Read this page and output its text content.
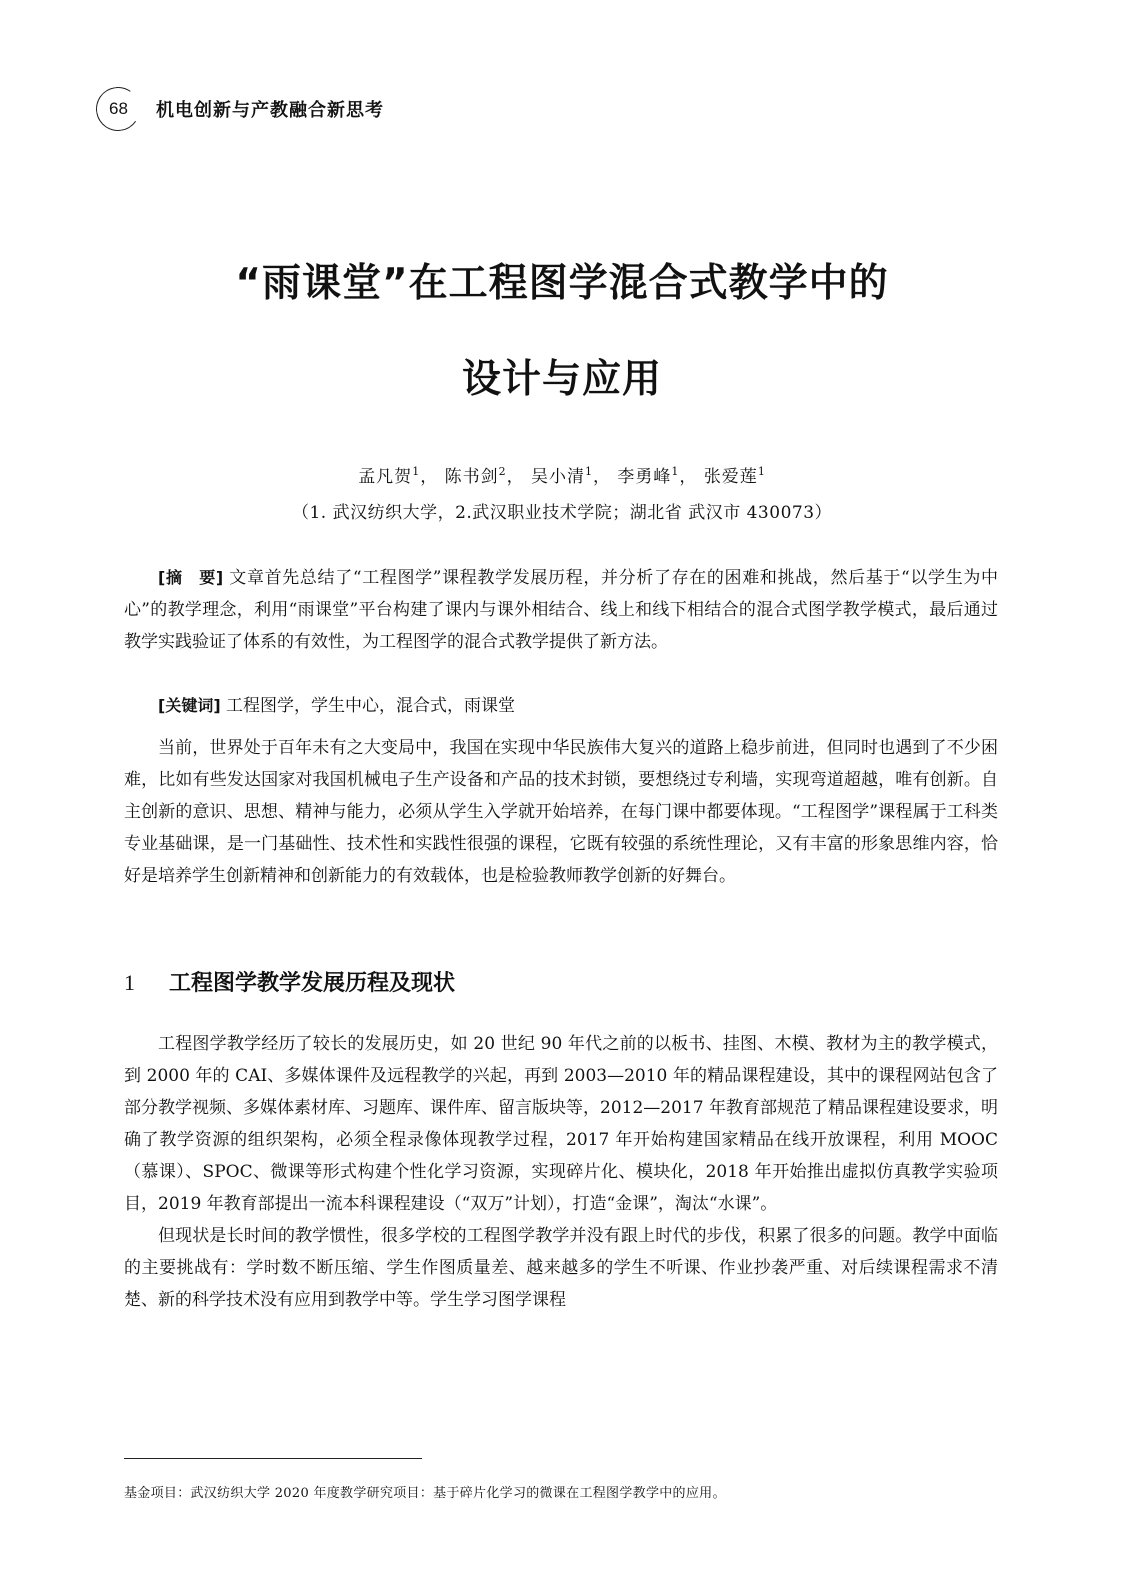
68 机电创新与产教融合新思考
“雨课堂”在工程图学混合式教学中的
设计与应用
孟凡贺$^1$， 陈书剑$^2$， 吴小清$^1$， 李勇峰$^1$， 张爱莲$^1$
（1. 武汉纺织大学，2.武汉职业技术学院；湖北省 武汉市 430073）

[摘　要] 文章首先总结了“工程图学”课程教学发展历程，并分析了存在的困难和挑战，然后基于“以学生为中心”的教学理念，利用“雨课堂”平台构建了课内与课外相结合、线上和线下相结合的混合式图学教学模式，最后通过教学实践验证了体系的有效性，为工程图学的混合式教学提供了新方法。

[关键词] 工程图学，学生中心，混合式，雨课堂

当前，世界处于百年未有之大变局中，我国在实现中华民族伟大复兴的道路上稳步前进，但同时也遇到了不少困难，比如有些发达国家对我国机械电子生产设备和产品的技术封锁，要想绕过专利墙，实现弯道超越，唯有创新。自主创新的意识、思想、精神与能力，必须从学生入学就开始培养，在每门课中都要体现。“工程图学”课程属于工科类专业基础课，是一门基础性、技术性和实践性很强的课程，它既有较强的系统性理论，又有丰富的形象思维内容，恰好是培养学生创新精神和创新能力的有效载体，也是检验教师教学创新的好舞台。

1 工程图学教学发展历程及现状

工程图学教学经历了较长的发展历史，如 20 世纪 90 年代之前的以板书、挂图、木模、教材为主的教学模式，到 2000 年的 CAI、多媒体课件及远程教学的兴起，再到 2003—2010 年的精品课程建设，其中的课程网站包含了部分教学视频、多媒体素材库、习题库、课件库、留言版块等，2012—2017 年教育部规范了精品课程建设要求，明确了教学资源的组织架构，必须全程录像体现教学过程，2017 年开始构建国家精品在线开放课程，利用 MOOC（慕课）、SPOC、微课等形式构建个性化学习资源，实现碎片化、模块化，2018 年开始推出虚拟仿真教学实验项目，2019 年教育部提出一流本科课程建设（“双万”计划），打造“金课”，淘汰“水课”。

但现状是长时间的教学惯性，很多学校的工程图学教学并没有跟上时代的步伐，积累了很多的问题。教学中面临的主要挑战有：学时数不断压缩、学生作图质量差、越来越多的学生不听课、作业抄袭严重、对后续课程需求不清楚、新的科学技术没有应用到教学中等。学生学习图学课程

基金项目：武汉纺织大学 2020 年度教学研究项目：基于碎片化学习的微课在工程图学教学中的应用。
